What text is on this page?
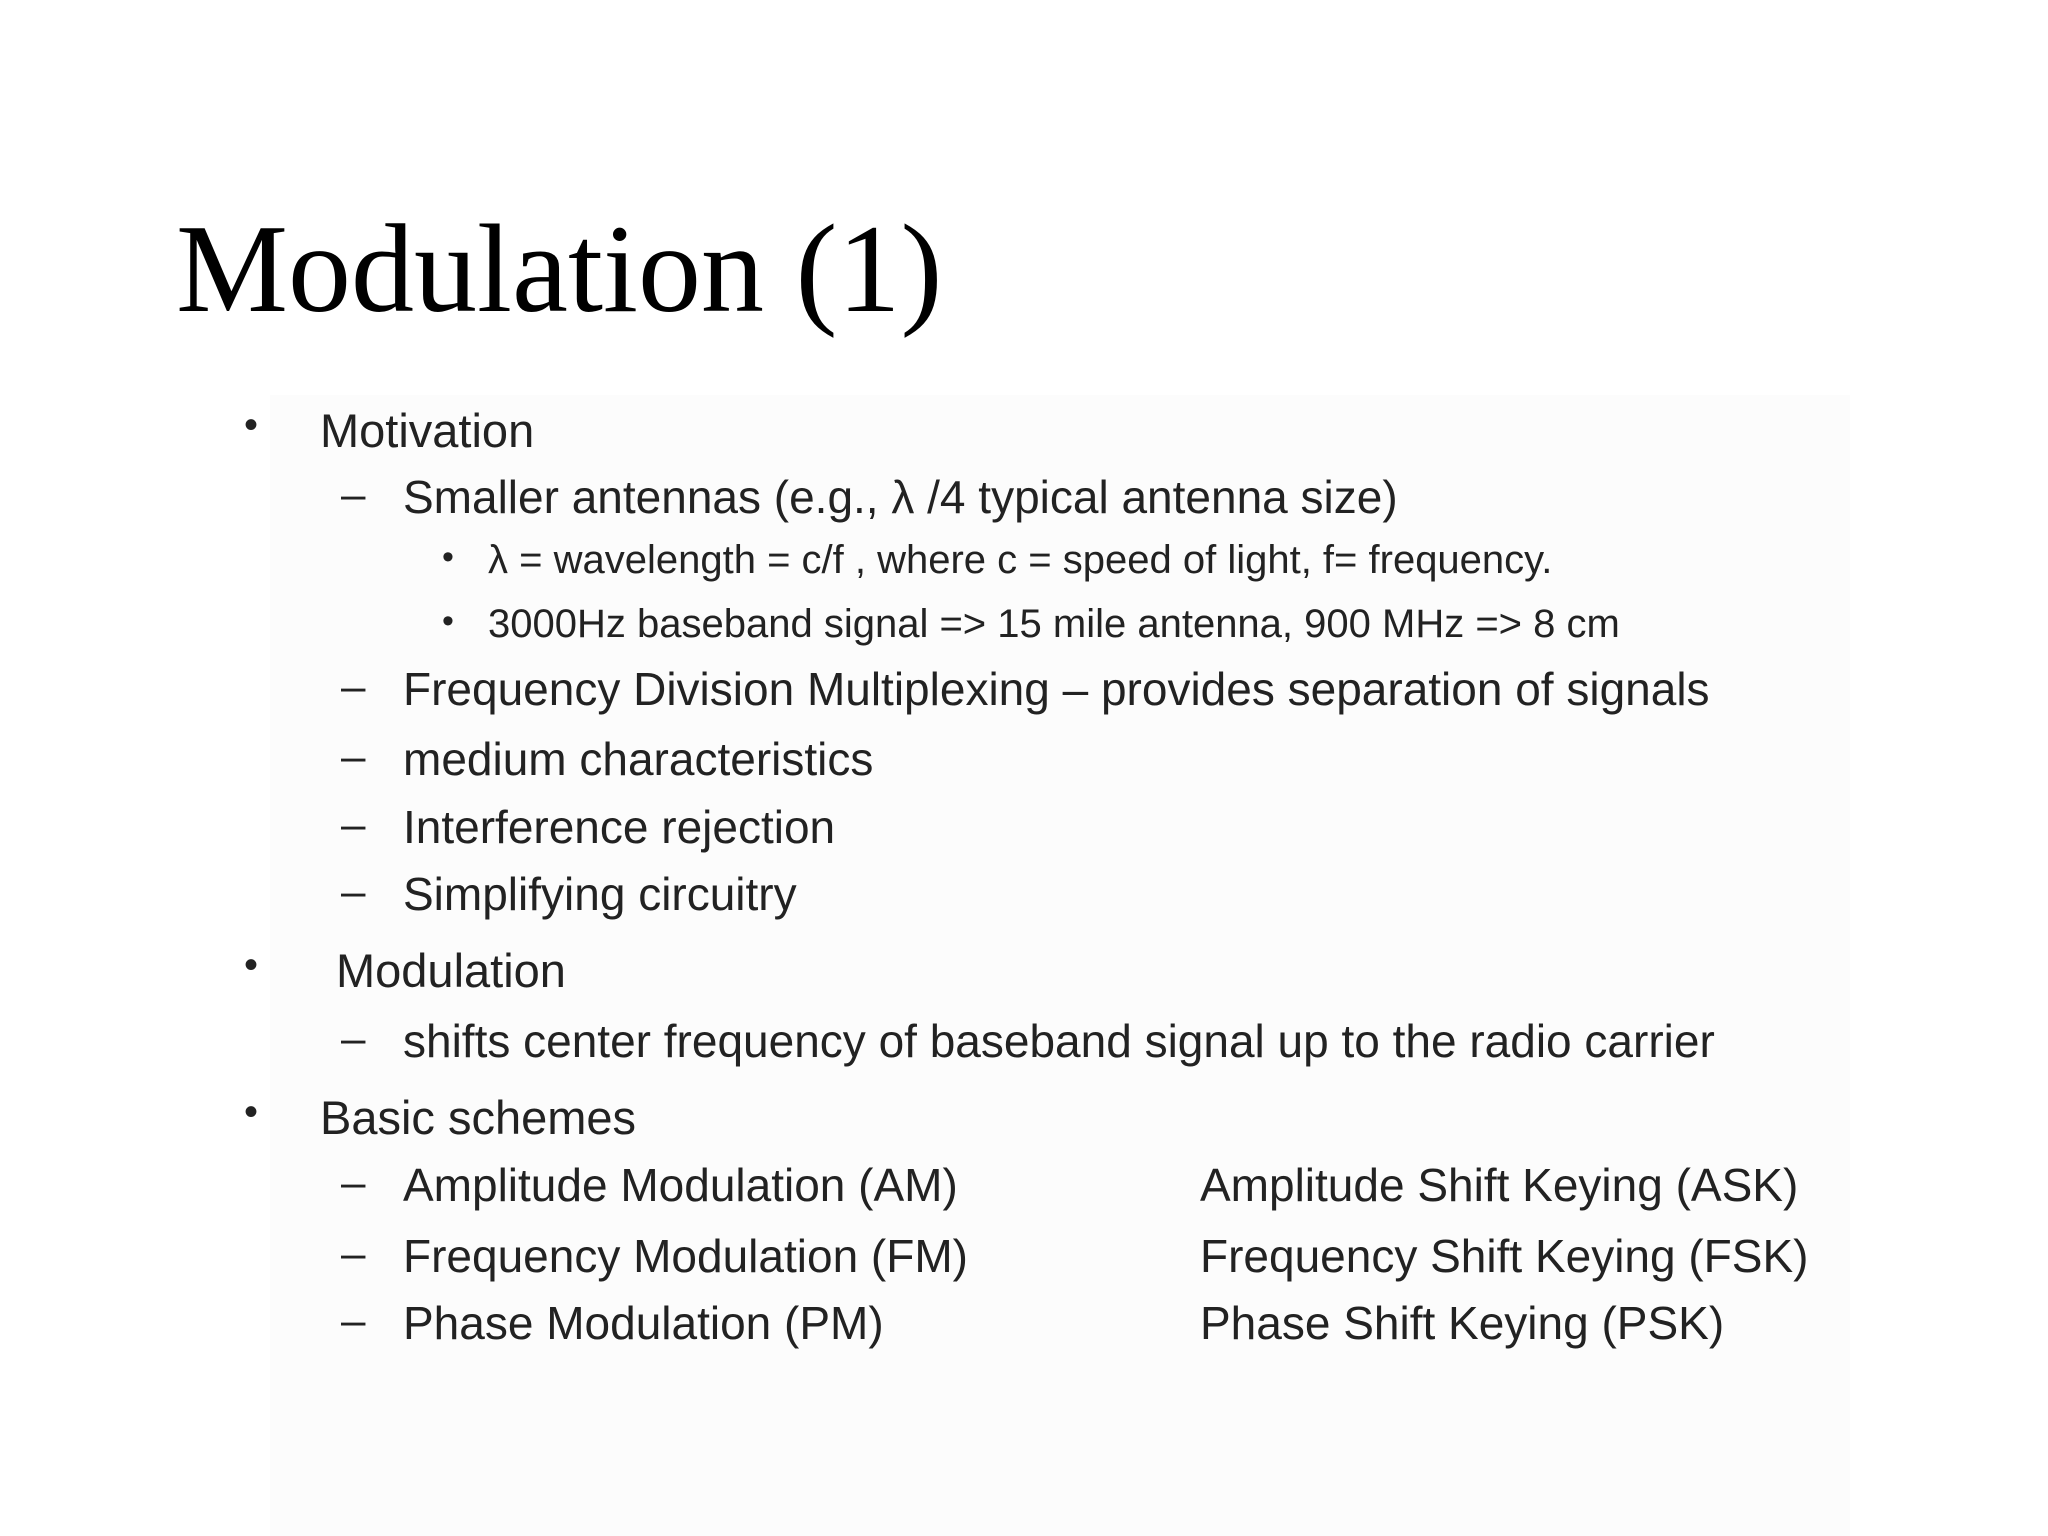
Modulation (1)
• Motivation
– Smaller antennas (e.g., λ /4 typical antenna size)
• λ = wavelength = c/f , where c = speed of light, f= frequency.
• 3000Hz baseband signal => 15 mile antenna, 900 MHz => 8 cm
– Frequency Division Multiplexing – provides separation of signals
– medium characteristics
– Interference rejection
– Simplifying circuitry
• Modulation
– shifts center frequency of baseband signal up to the radio carrier
• Basic schemes
– Amplitude Modulation (AM)	Amplitude Shift Keying (ASK)
– Frequency Modulation (FM)	Frequency Shift Keying (FSK)
– Phase Modulation (PM)	Phase Shift Keying (PSK)
